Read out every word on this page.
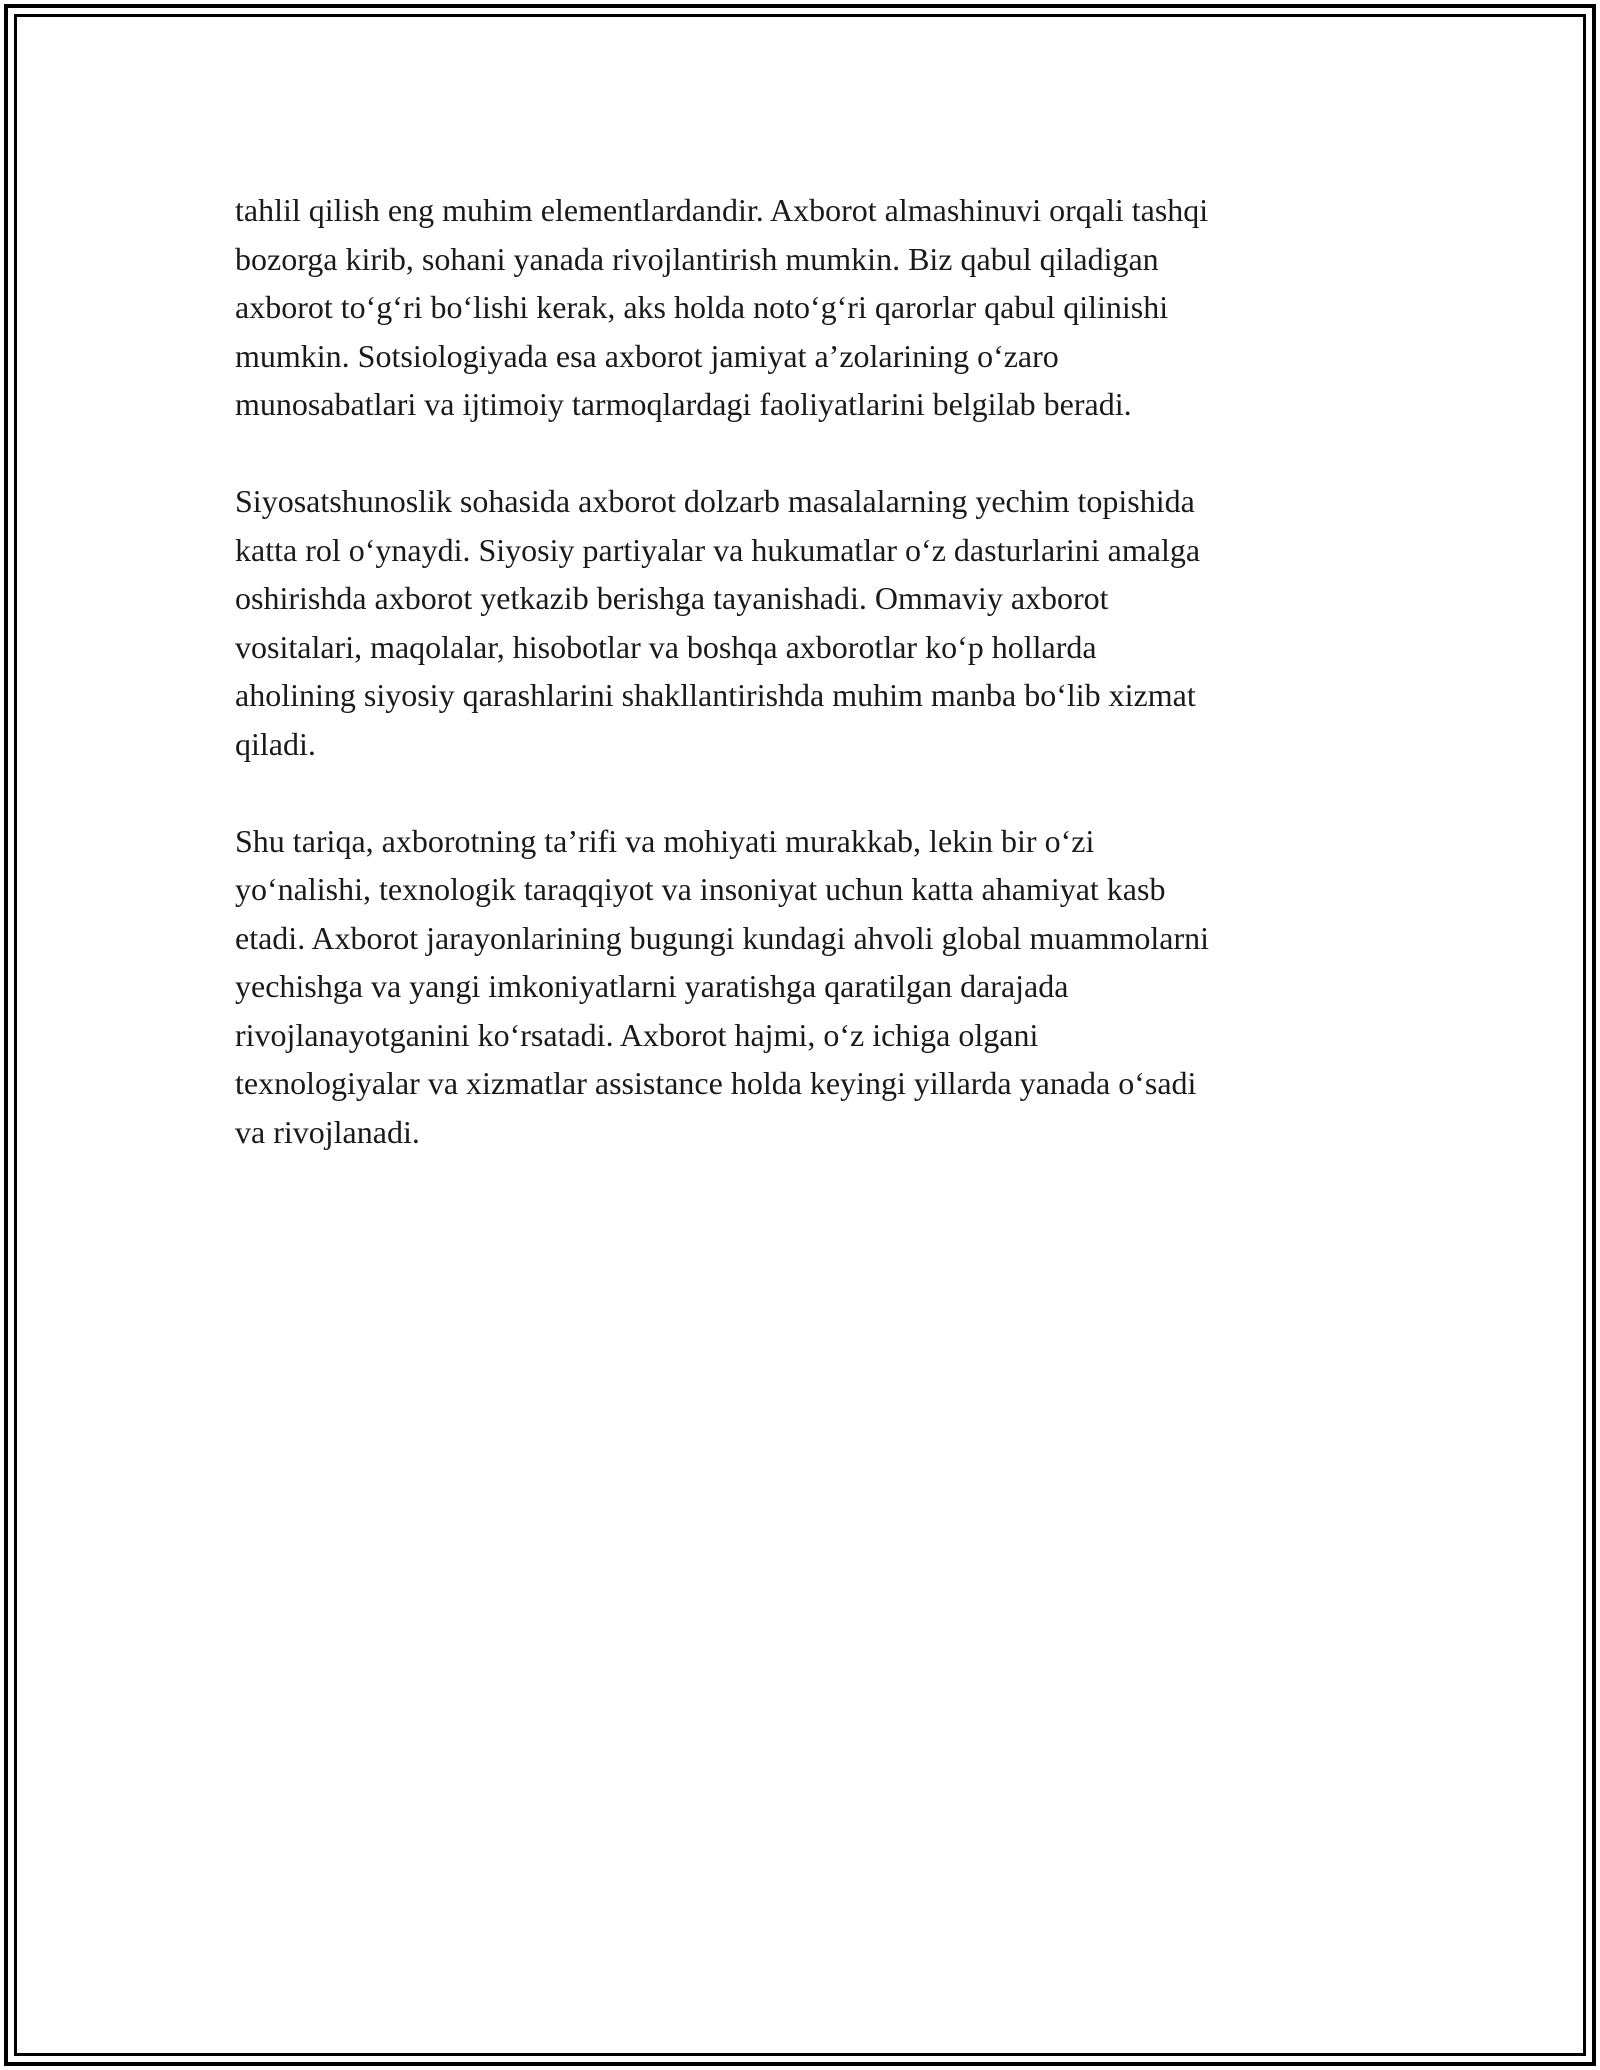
tahlil qilish eng muhim elementlardandir. Axborot almashinuvi orqali tashqi
bozorga kirib, sohani yanada rivojlantirish mumkin. Biz qabul qiladigan
axborot to‘g‘ri bo‘lishi kerak, aks holda noto‘g‘ri qarorlar qabul qilinishi
mumkin. Sotsiologiyada esa axborot jamiyat a’zolarining o‘zaro
munosabatlari va ijtimoiy tarmoqlardagi faoliyatlarini belgilab beradi.

Siyosatshunoslik sohasida axborot dolzarb masalalarning yechim topishida
katta rol o‘ynaydi. Siyosiy partiyalar va hukumatlar o‘z dasturlarini amalga
oshirishda axborot yetkazib berishga tayanishadi. Ommaviy axborot
vositalari, maqolalar, hisobotlar va boshqa axborotlar ko‘p hollarda
aholining siyosiy qarashlarini shakllantirishda muhim manba bo‘lib xizmat
qiladi.

Shu tariqa, axborotning ta’rifi va mohiyati murakkab, lekin bir o‘zi
yo‘nalishi, texnologik taraqqiyot va insoniyat uchun katta ahamiyat kasb
etadi. Axborot jarayonlarining bugungi kundagi ahvoli global muammolarni
yechishga va yangi imkoniyatlarni yaratishga qaratilgan darajada
rivojlanayotganini ko‘rsatadi. Axborot hajmi, o‘z ichiga olgani
texnologiyalar va xizmatlar assistance holda keyingi yillarda yanada o‘sadi
va rivojlanadi.
